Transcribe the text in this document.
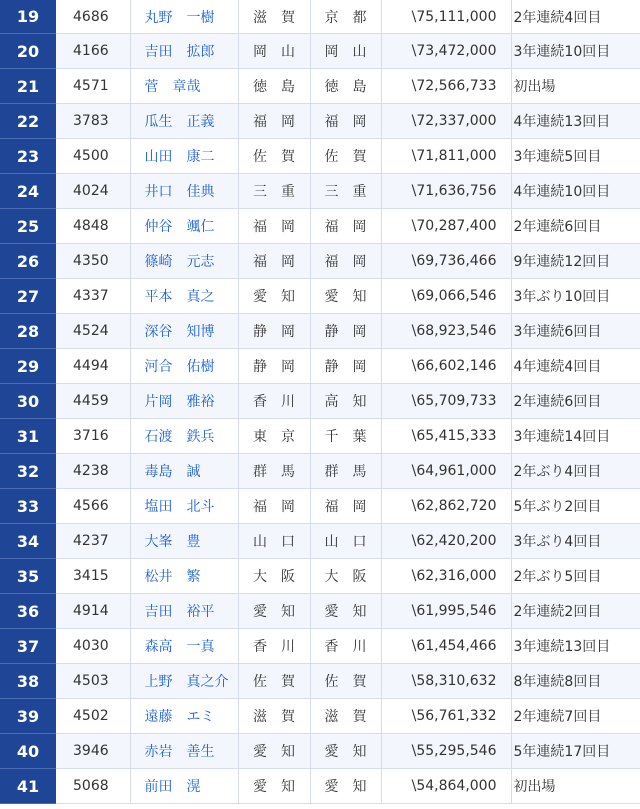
19	4686	丸野　一樹	滋　賀	京　都	\75,111,000	2年連続4回目
20	4166	吉田　拡郎	岡　山	岡　山	\73,472,000	3年連続10回目
21	4571	菅　章哉	徳　島	徳　島	\72,566,733	初出場
22	3783	瓜生　正義	福　岡	福　岡	\72,337,000	4年連続13回目
23	4500	山田　康二	佐　賀	佐　賀	\71,811,000	3年連続5回目
24	4024	井口　佳典	三　重	三　重	\71,636,756	4年連続10回目
25	4848	仲谷　颯仁	福　岡	福　岡	\70,287,400	2年連続6回目
26	4350	篠崎　元志	福　岡	福　岡	\69,736,466	9年連続12回目
27	4337	平本　真之	愛　知	愛　知	\69,066,546	3年ぶり10回目
28	4524	深谷　知博	静　岡	静　岡	\68,923,546	3年連続6回目
29	4494	河合　佑樹	静　岡	静　岡	\66,602,146	4年連続4回目
30	4459	片岡　雅裕	香　川	高　知	\65,709,733	2年連続6回目
31	3716	石渡　鉄兵	東　京	千　葉	\65,415,333	3年連続14回目
32	4238	毒島　誠	群　馬	群　馬	\64,961,000	2年ぶり4回目
33	4566	塩田　北斗	福　岡	福　岡	\62,862,720	5年ぶり2回目
34	4237	大峯　豊	山　口	山　口	\62,420,200	3年ぶり4回目
35	3415	松井　繁	大　阪	大　阪	\62,316,000	2年ぶり5回目
36	4914	吉田　裕平	愛　知	愛　知	\61,995,546	2年連続2回目
37	4030	森高　一真	香　川	香　川	\61,454,466	3年連続13回目
38	4503	上野　真之介	佐　賀	佐　賀	\58,310,632	8年連続8回目
39	4502	遠藤　エミ	滋　賀	滋　賀	\56,761,332	2年連続7回目
40	3946	赤岩　善生	愛　知	愛　知	\55,295,546	5年連続17回目
41	5068	前田　滉	愛　知	愛　知	\54,864,000	初出場
